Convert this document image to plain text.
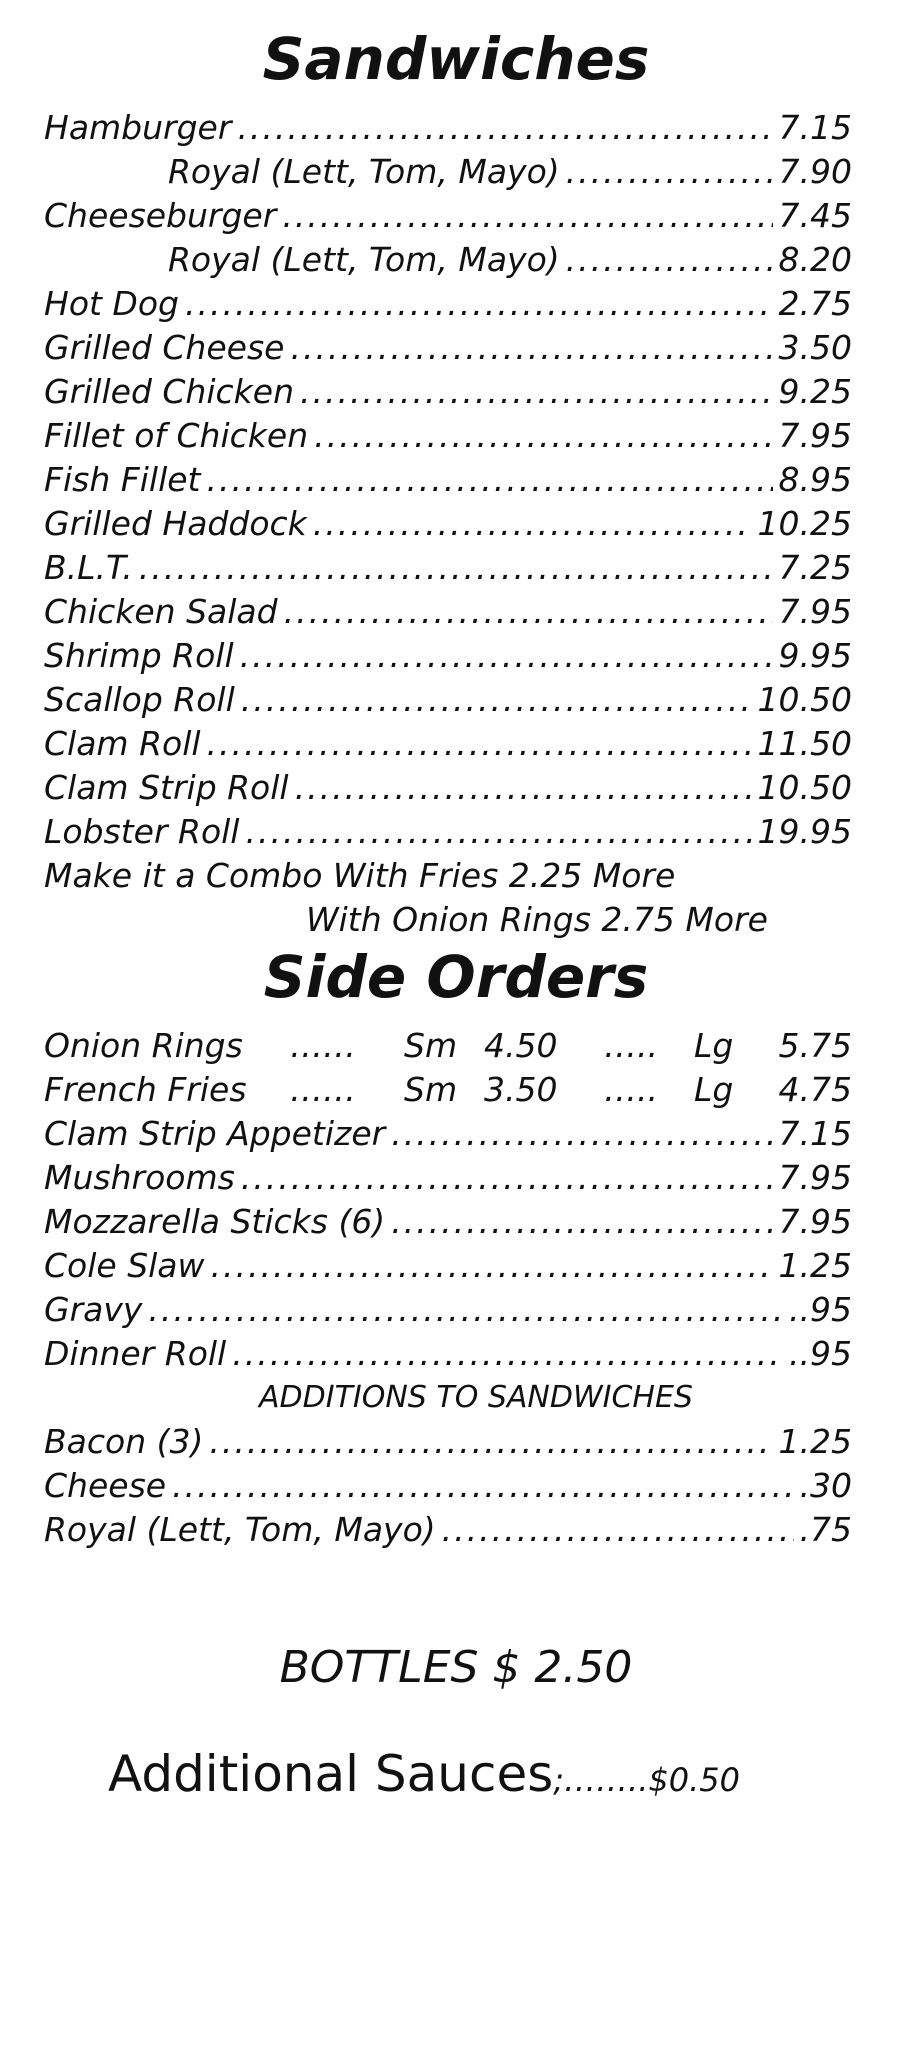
Sandwiches
Hamburger .....	7.15
Royal (Lett, Tom, Mayo) .....	7.90
Cheeseburger .....	7.45
Royal (Lett, Tom, Mayo) .....	8.20
Hot Dog .....	2.75
Grilled Cheese .....	3.50
Grilled Chicken .....	9.25
Fillet of Chicken .....	7.95
Fish Fillet .....	8.95
Grilled Haddock .....	10.25
B.L.T. .....	7.25
Chicken Salad .....	7.95
Shrimp Roll .....	9.95
Scallop Roll .....	10.50
Clam Roll .....	11.50
Clam Strip Roll .....	10.50
Lobster Roll .....	19.95
Make it a Combo With Fries 2.25 More
With Onion Rings 2.75 More
Side Orders
Onion Rings …… Sm 4.50 ….. Lg 5.75
French Fries …… Sm 3.50 ….. Lg 4.75
Clam Strip Appetizer .....	7.15
Mushrooms .....	7.95
Mozzarella Sticks (6) .....	7.95
Cole Slaw .....	1.25
Gravy .....	..95
Dinner Roll .....	..95
ADDITIONS TO SANDWICHES
Bacon (3) .....	1.25
Cheese .....	.30
Royal (Lett, Tom, Mayo) .....	.75
BOTTLES $ 2.50
Additional Sauces;……..$0.50
